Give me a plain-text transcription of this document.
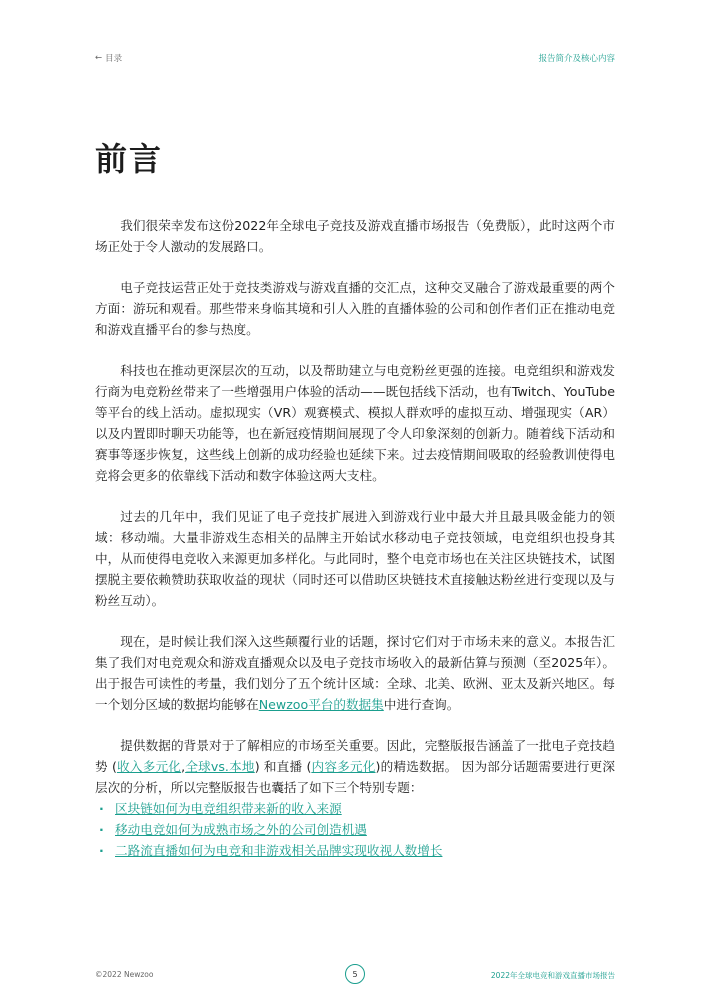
← 目录	报告简介及核心内容
前言

我们很荣幸发布这份2022年全球电子竞技及游戏直播市场报告（免费版），此时这两个市场正处于令人激动的发展路口。

电子竞技运营正处于竞技类游戏与游戏直播的交汇点，这种交叉融合了游戏最重要的两个方面：游玩和观看。那些带来身临其境和引人入胜的直播体验的公司和创作者们正在推动电竞和游戏直播平台的参与热度。

科技也在推动更深层次的互动，以及帮助建立与电竞粉丝更强的连接。电竞组织和游戏发行商为电竞粉丝带来了一些增强用户体验的活动——既包括线下活动，也有Twitch、YouTube等平台的线上活动。虚拟现实（VR）观赛模式、模拟人群欢呼的虚拟互动、增强现实（AR）以及内置即时聊天功能等，也在新冠疫情期间展现了令人印象深刻的创新力。随着线下活动和赛事等逐步恢复，这些线上创新的成功经验也延续下来。过去疫情期间吸取的经验教训使得电竞将会更多的依靠线下活动和数字体验这两大支柱。

过去的几年中，我们见证了电子竞技扩展进入到游戏行业中最大并且最具吸金能力的领域：移动端。大量非游戏生态相关的品牌主开始试水移动电子竞技领域，电竞组织也投身其中，从而使得电竞收入来源更加多样化。与此同时，整个电竞市场也在关注区块链技术，试图摆脱主要依赖赞助获取收益的现状（同时还可以借助区块链技术直接触达粉丝进行变现以及与粉丝互动）。

现在，是时候让我们深入这些颠覆行业的话题，探讨它们对于市场未来的意义。本报告汇集了我们对电竞观众和游戏直播观众以及电子竞技市场收入的最新估算与预测（至2025年）。出于报告可读性的考量，我们划分了五个统计区域：全球、北美、欧洲、亚太及新兴地区。每一个划分区域的数据均能够在Newzoo平台的数据集中进行查询。

提供数据的背景对于了解相应的市场至关重要。因此，完整版报告涵盖了一批电子竞技趋势 (收入多元化,全球vs.本地) 和直播 (内容多元化)的精选数据。 因为部分话题需要进行更深层次的分析，所以完整版报告也囊括了如下三个特别专题：

· 区块链如何为电竞组织带来新的收入来源
· 移动电竞如何为成熟市场之外的公司创造机遇
· 二路流直播如何为电竞和非游戏相关品牌实现收视人数增长
©2022 Newzoo	5	2022年全球电竞和游戏直播市场报告
